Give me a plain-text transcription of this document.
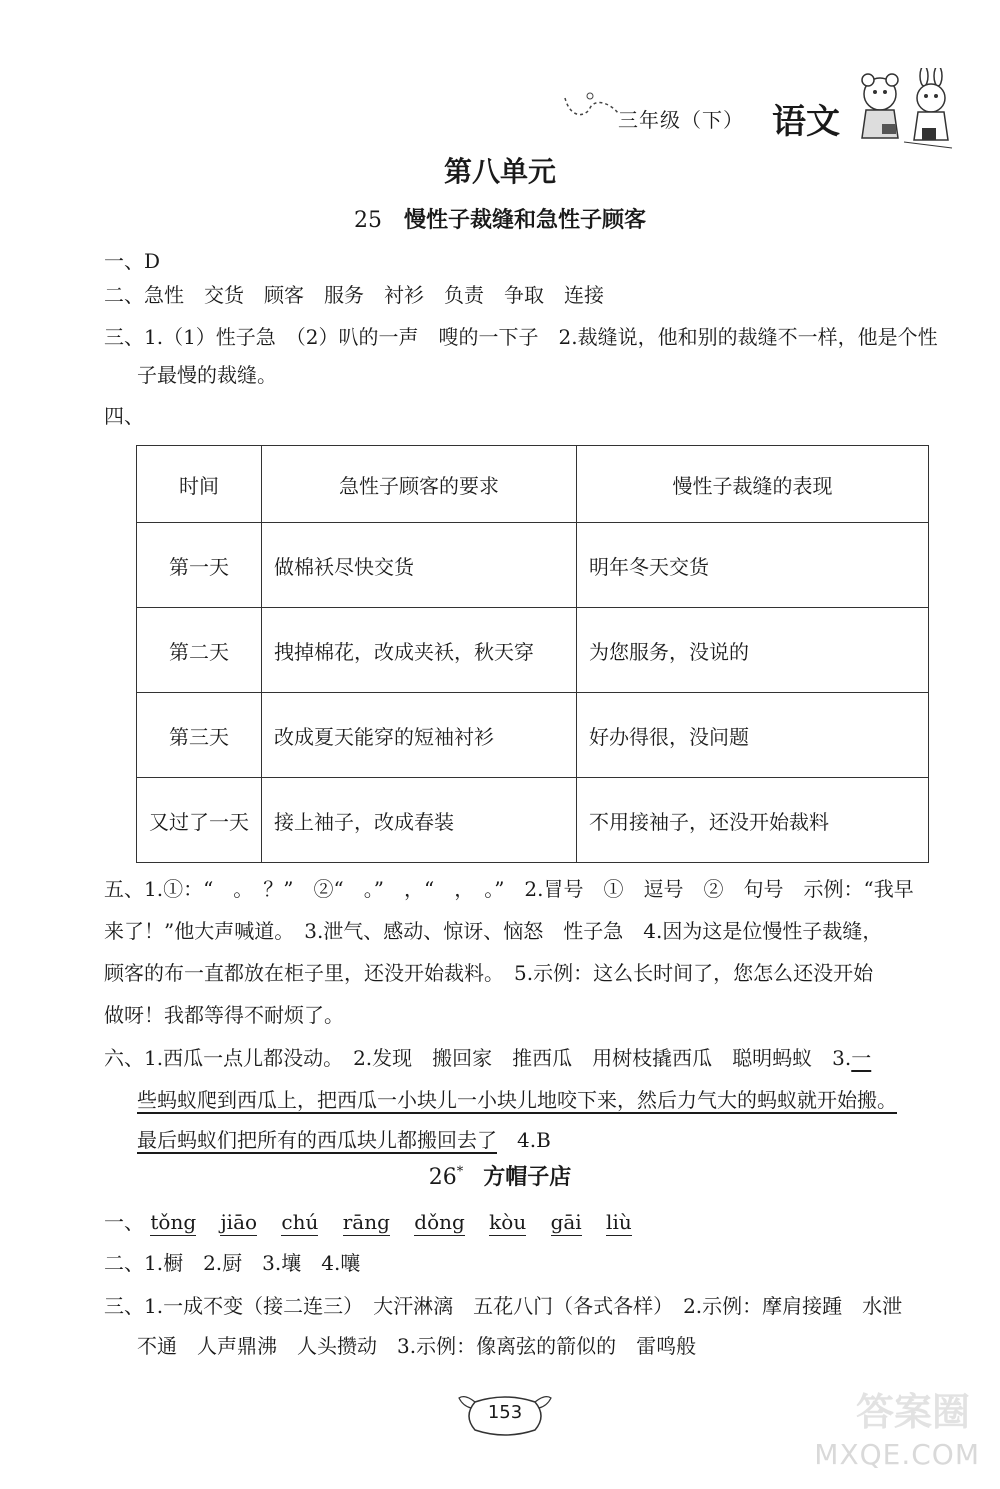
三年级（下） 语文
第八单元
25 慢性子裁缝和急性子顾客
一、D
二、急性　交货　顾客　服务　衬衫　负责　争取　连接
三、1.（1）性子急　（2）叭的一声　嗖的一下子　2.裁缝说，他和别的裁缝不一样，他是个性
子最慢的裁缝。
四、
时间	急性子顾客的要求	慢性子裁缝的表现
第一天	做棉袄尽快交货	明年冬天交货
第二天	拽掉棉花，改成夹袄，秋天穿	为您服务，没说的
第三天	改成夏天能穿的短袖衬衫	好办得很，没问题
又过了一天	接上袖子，改成春装	不用接袖子，还没开始裁料
五、1.①：“　。　？”　②“　。”　，“　，　。”　2.冒号　①　逗号　②　句号　示例：“我早
来了！”他大声喊道。　3.泄气、感动、惊讶、恼怒　性子急　4.因为这是位慢性子裁缝，
顾客的布一直都放在柜子里，还没开始裁料。　5.示例：这么长时间了，您怎么还没开始
做呀！我都等得不耐烦了。
六、1.西瓜一点儿都没动。　2.发现　搬回家　推西瓜　用树枝撬西瓜　聪明蚂蚁　3.一
些蚂蚁爬到西瓜上，把西瓜一小块儿一小块儿地咬下来，然后力气大的蚂蚁就开始搬。
最后蚂蚁们把所有的西瓜块儿都搬回去了　4.B
26* 方帽子店
一、 tǒng jiāo chú rāng dǒng kòu gāi liù
二、1.橱　2.厨　3.壤　4.嚷
三、1.一成不变（接二连三）　大汗淋漓　五花八门（各式各样）　2.示例：摩肩接踵　水泄
不通　人声鼎沸　人头攒动　3.示例：像离弦的箭似的　雷鸣般
153	答案圈
MXQE.COM
